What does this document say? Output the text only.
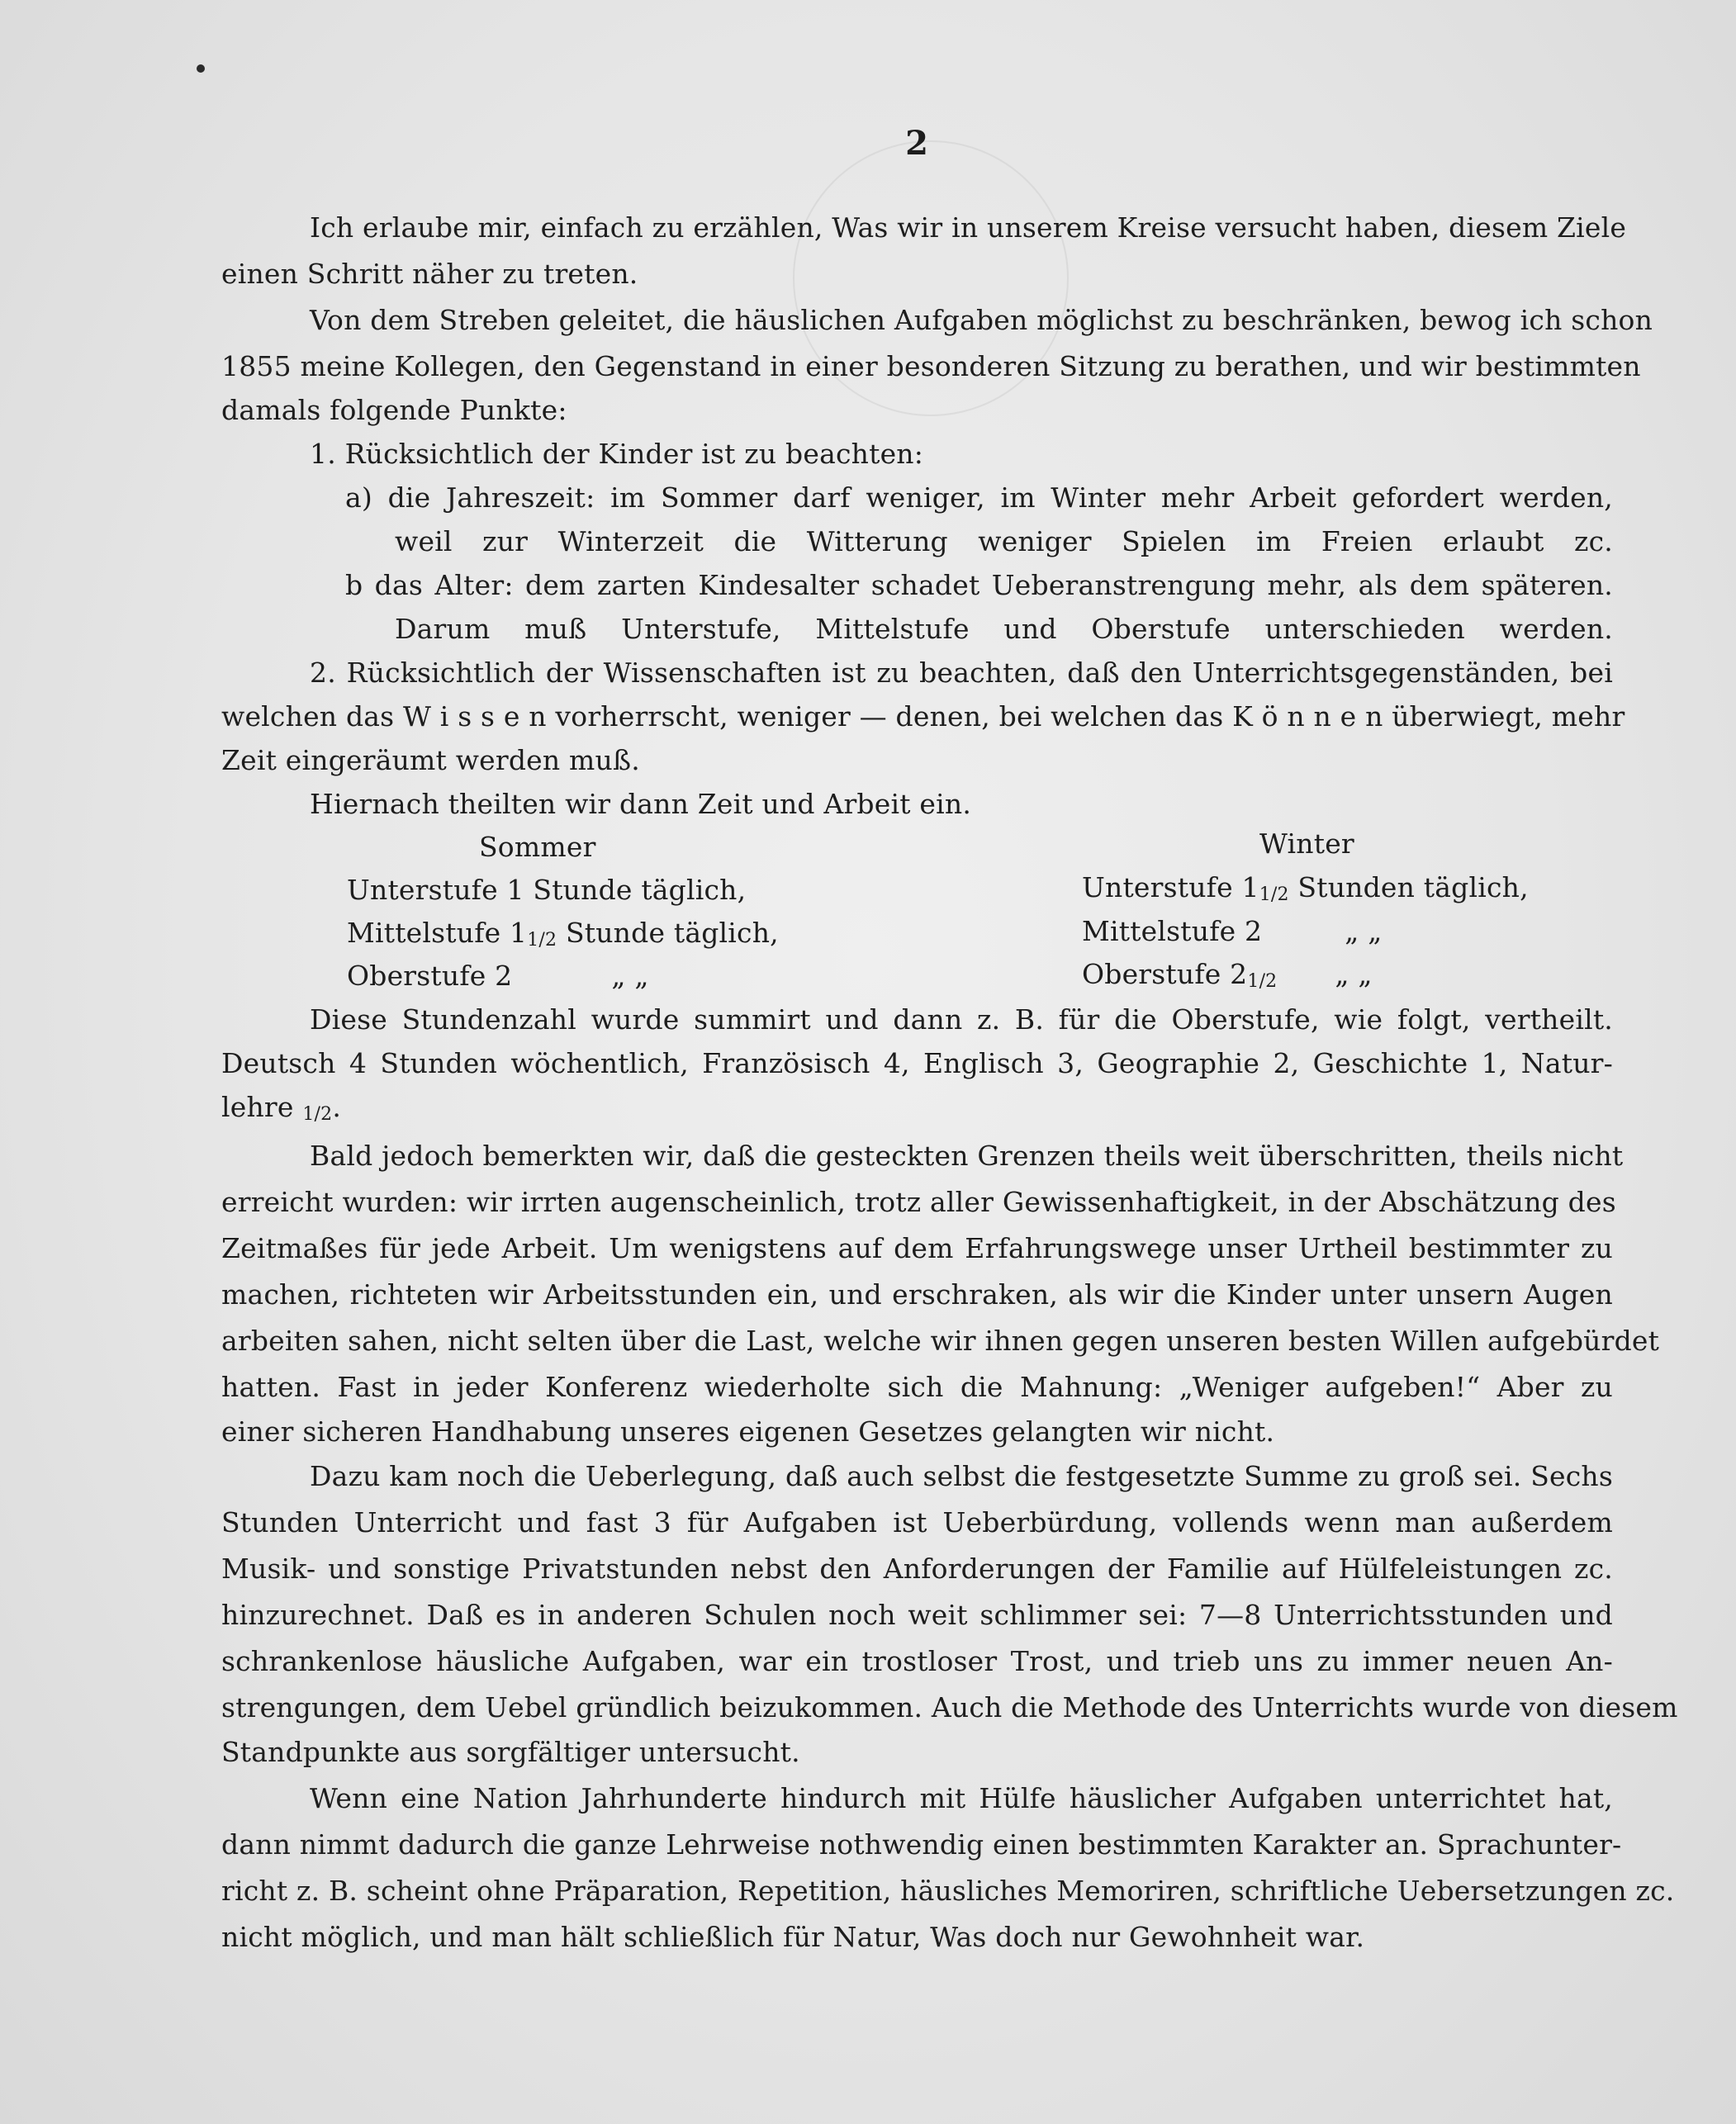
2
Ich erlaube mir, einfach zu erzählen, Was wir in unserem Kreise versucht haben, diesem Ziele
einen Schritt näher zu treten.
Von dem Streben geleitet, die häuslichen Aufgaben möglichst zu beschränken, bewog ich schon
1855 meine Kollegen, den Gegenstand in einer besonderen Sitzung zu berathen, und wir bestimmten
damals folgende Punkte:
1. Rücksichtlich der Kinder ist zu beachten:
a) die Jahreszeit: im Sommer darf weniger, im Winter mehr Arbeit gefordert werden,
weil zur Winterzeit die Witterung weniger Spielen im Freien erlaubt zc.
b das Alter: dem zarten Kindesalter schadet Ueberanstrengung mehr, als dem späteren.
Darum muß Unterstufe, Mittelstufe und Oberstufe unterschieden werden.
2. Rücksichtlich der Wissenschaften ist zu beachten, daß den Unterrichtsgegenständen, bei
welchen das W i s s e n vorherrscht, weniger — denen, bei welchen das K ö n n e n überwiegt, mehr
Zeit eingeräumt werden muß.
Hiernach theilten wir dann Zeit und Arbeit ein.
Sommer	Winter
Unterstufe 1 Stunde täglich,	Unterstufe 11/2 Stunden täglich,
Mittelstufe 11/2 Stunde täglich,	Mittelstufe 2	„ „
Oberstufe 2	„ „	Oberstufe 21/2 „ „
Diese Stundenzahl wurde summirt und dann z. B. für die Oberstufe, wie folgt, vertheilt.
Deutsch 4 Stunden wöchentlich, Französisch 4, Englisch 3, Geographie 2, Geschichte 1, Natur-
lehre 1/2.
Bald jedoch bemerkten wir, daß die gesteckten Grenzen theils weit überschritten, theils nicht
erreicht wurden: wir irrten augenscheinlich, trotz aller Gewissenhaftigkeit, in der Abschätzung des
Zeitmaßes für jede Arbeit. Um wenigstens auf dem Erfahrungswege unser Urtheil bestimmter zu
machen, richteten wir Arbeitsstunden ein, und erschraken, als wir die Kinder unter unsern Augen
arbeiten sahen, nicht selten über die Last, welche wir ihnen gegen unseren besten Willen aufgebürdet
hatten. Fast in jeder Konferenz wiederholte sich die Mahnung: „Weniger aufgeben!“ Aber zu
einer sicheren Handhabung unseres eigenen Gesetzes gelangten wir nicht.
Dazu kam noch die Ueberlegung, daß auch selbst die festgesetzte Summe zu groß sei. Sechs
Stunden Unterricht und fast 3 für Aufgaben ist Ueberbürdung, vollends wenn man außerdem
Musik- und sonstige Privatstunden nebst den Anforderungen der Familie auf Hülfeleistungen zc.
hinzurechnet. Daß es in anderen Schulen noch weit schlimmer sei: 7—8 Unterrichtsstunden und
schrankenlose häusliche Aufgaben, war ein trostloser Trost, und trieb uns zu immer neuen An-
strengungen, dem Uebel gründlich beizukommen. Auch die Methode des Unterrichts wurde von diesem
Standpunkte aus sorgfältiger untersucht.
Wenn eine Nation Jahrhunderte hindurch mit Hülfe häuslicher Aufgaben unterrichtet hat,
dann nimmt dadurch die ganze Lehrweise nothwendig einen bestimmten Karakter an. Sprachunter-
richt z. B. scheint ohne Präparation, Repetition, häusliches Memoriren, schriftliche Uebersetzungen zc.
nicht möglich, und man hält schließlich für Natur, Was doch nur Gewohnheit war.
